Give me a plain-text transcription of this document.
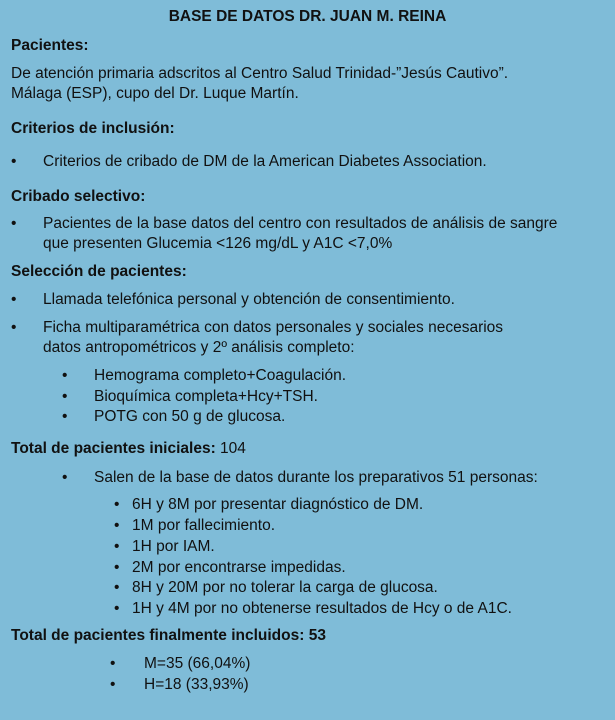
BASE DE DATOS DR. JUAN M. REINA
Pacientes:
De atención primaria adscritos al Centro Salud Trinidad-”Jesús Cautivo”.
Málaga (ESP), cupo del Dr. Luque Martín.
Criterios de inclusión:
• Criterios de cribado de DM de la American Diabetes Association.
Cribado selectivo:
• Pacientes de la base datos del centro con resultados de análisis de sangre
que presenten Glucemia <126 mg/dL y A1C <7,0%
Selección de pacientes:
• Llamada telefónica personal y obtención de consentimiento.
• Ficha multiparamétrica con datos personales y sociales necesarios
datos antropométricos y 2º análisis completo:
• Hemograma completo+Coagulación.
• Bioquímica completa+Hcy+TSH.
• POTG con 50 g de glucosa.
Total de pacientes iniciales: 104
• Salen de la base de datos durante los preparativos 51 personas:
• 6H y 8M por presentar diagnóstico de DM.
• 1M por fallecimiento.
• 1H por IAM.
• 2M por encontrarse impedidas.
• 8H y 20M por no tolerar la carga de glucosa.
• 1H y 4M por no obtenerse resultados de Hcy o de A1C.
Total de pacientes finalmente incluidos: 53
• M=35 (66,04%)
• H=18 (33,93%)
